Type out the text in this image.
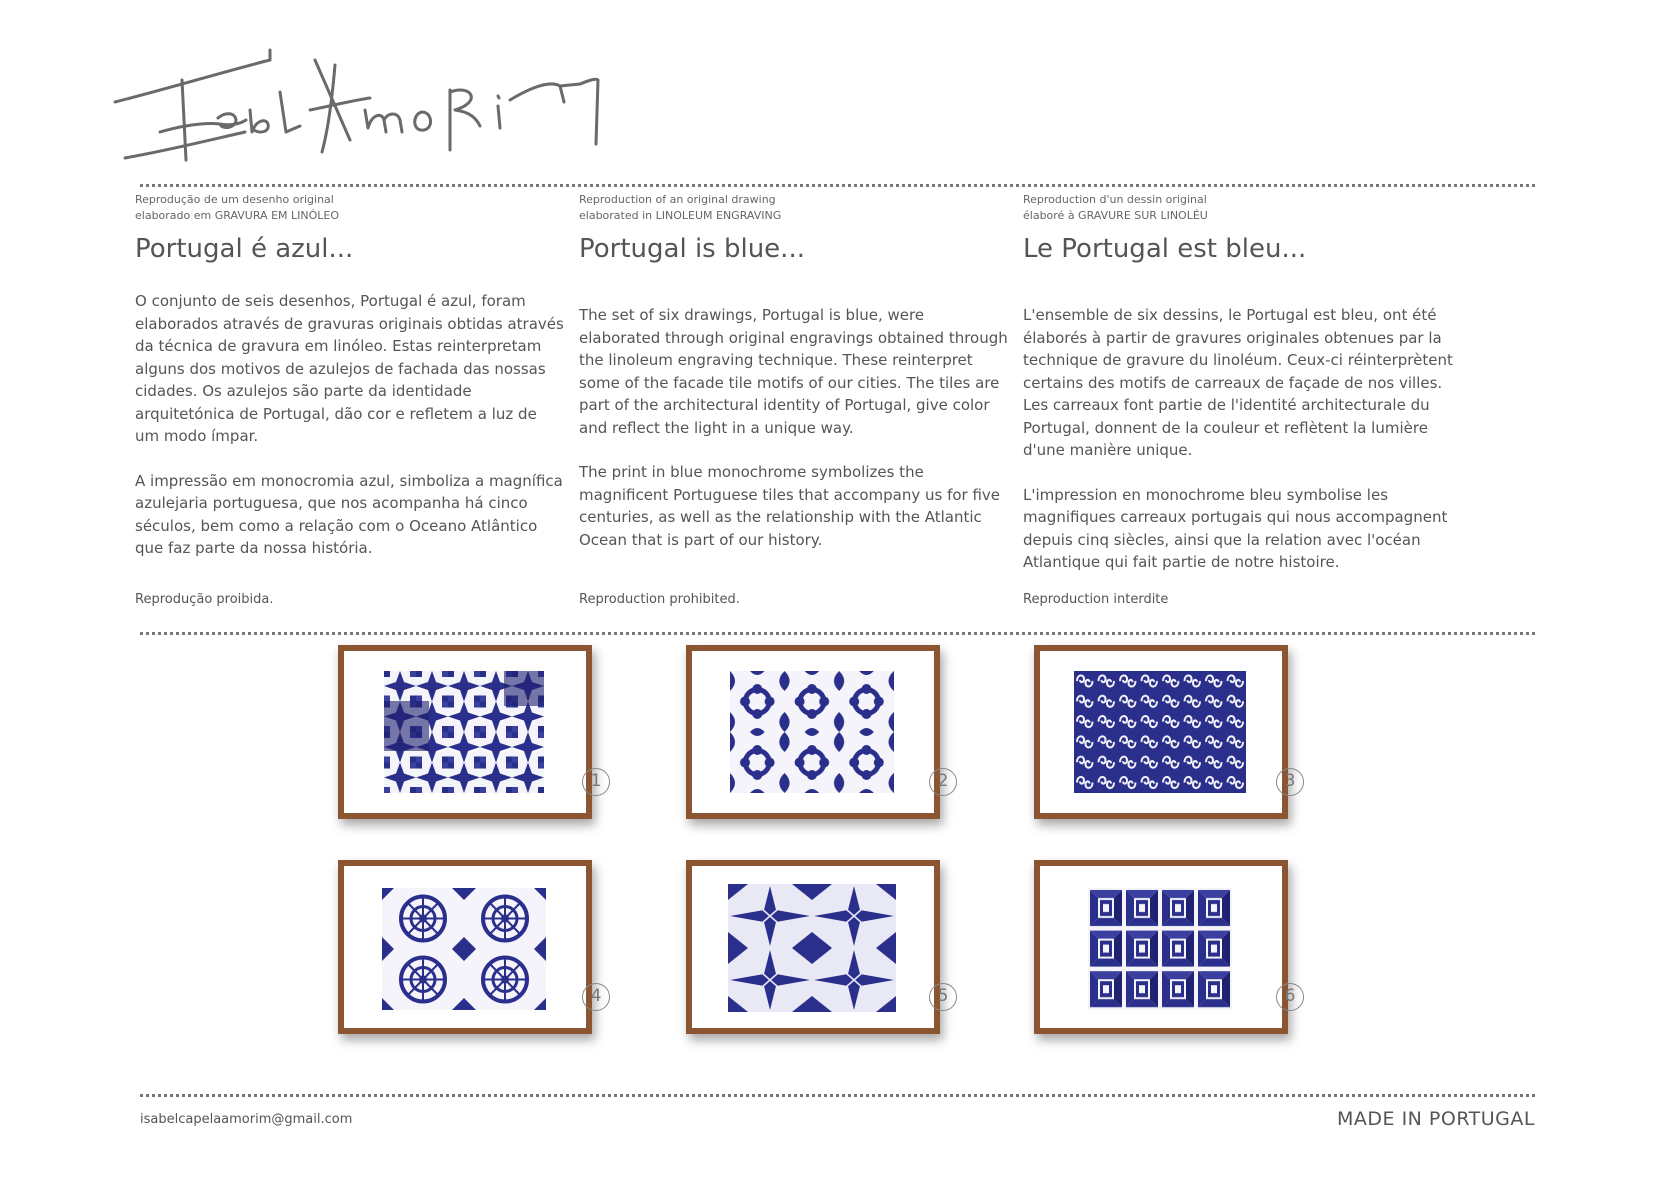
Reprodução de um desenho original

elaborado em GRAVURA EM LINÓLEO

Portugal é azul...

O conjunto de seis desenhos, Portugal é azul, foram elaborados através de gravuras originais obtidas através da técnica de gravura em linóleo. Estas reinterpretam alguns dos motivos de azulejos de fachada das nossas cidades. Os azulejos são parte da identidade arquitetónica de Portugal, dão cor e refletem a luz de um modo ímpar.

A impressão em monocromia azul, simboliza a magnífica azulejaria portuguesa, que nos acompanha há cinco séculos, bem como a relação com o Oceano Atlântico que faz parte da nossa história.

Reprodução proibida.

Reproduction of an original drawing

elaborated in LINOLEUM ENGRAVING

Portugal is blue...

The set of six drawings, Portugal is blue, were elaborated through original engravings obtained through the linoleum engraving technique. These reinterpret some of the facade tile motifs of our cities. The tiles are part of the architectural identity of Portugal, give color and reflect the light in a unique way.

The print in blue monochrome symbolizes the magnificent Portuguese tiles that accompany us for five centuries, as well as the relationship with the Atlantic Ocean that is part of our history.

Reproduction prohibited.

Reproduction d'un dessin original

élaboré à GRAVURE SUR LINOLÉU

Le Portugal est bleu...

L'ensemble de six dessins, le Portugal est bleu, ont été élaborés à partir de gravures originales obtenues par la technique de gravure du linoléum. Ceux-ci réinterprètent certains des motifs de carreaux de façade de nos villes. Les carreaux font partie de l'identité architecturale du Portugal, donnent de la couleur et reflètent la lumière d'une manière unique.

L'impression en monochrome bleu symbolise les magnifiques carreaux portugais qui nous accompagnent depuis cinq siècles, ainsi que la relation avec l'océan Atlantique qui fait partie de notre histoire.

Reproduction interdite

1	2	3
4	5	6
isabelcapelaamorim@gmail.com	MADE IN PORTUGAL
